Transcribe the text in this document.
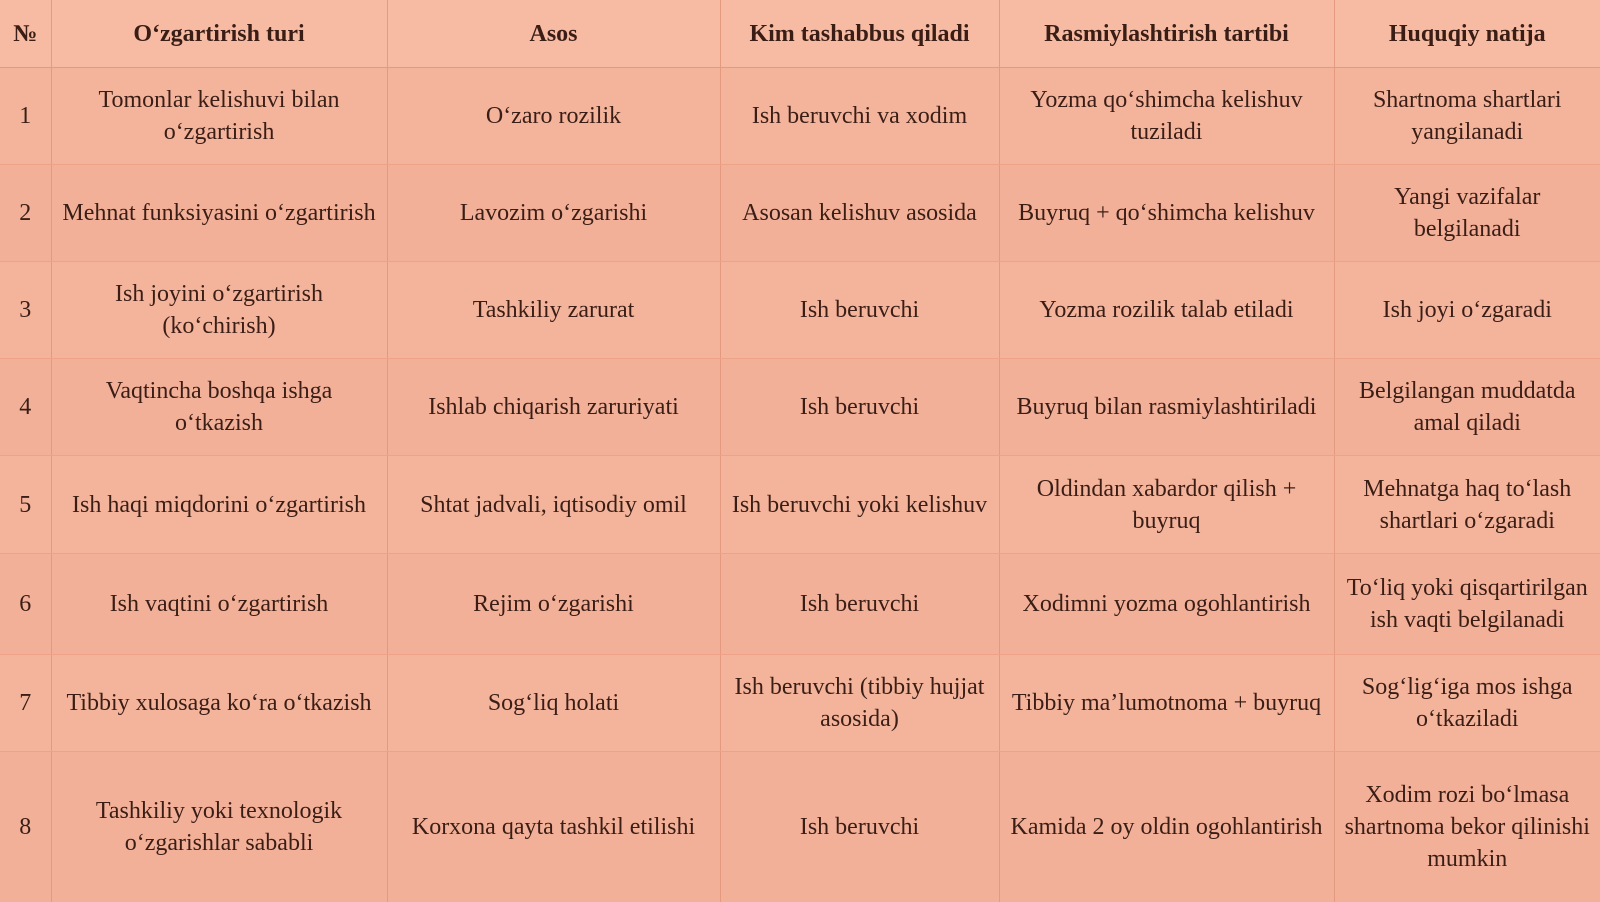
№	O‘zgartirish turi	Asos	Kim tashabbus qiladi	Rasmiylashtirish tartibi	Huquqiy natija
1	Tomonlar kelishuvi bilan o‘zgartirish	O‘zaro rozilik	Ish beruvchi va xodim	Yozma qo‘shimcha kelishuv tuziladi	Shartnoma shartlari yangilanadi
2	Mehnat funksiyasini o‘zgartirish	Lavozim o‘zgarishi	Asosan kelishuv asosida	Buyruq + qo‘shimcha kelishuv	Yangi vazifalar belgilanadi
3	Ish joyini o‘zgartirish (ko‘chirish)	Tashkiliy zarurat	Ish beruvchi	Yozma rozilik talab etiladi	Ish joyi o‘zgaradi
4	Vaqtincha boshqa ishga o‘tkazish	Ishlab chiqarish zaruriyati	Ish beruvchi	Buyruq bilan rasmiylashtiriladi	Belgilangan muddatda amal qiladi
5	Ish haqi miqdorini o‘zgartirish	Shtat jadvali, iqtisodiy omil	Ish beruvchi yoki kelishuv	Oldindan xabardor qilish + buyruq	Mehnatga haq to‘lash shartlari o‘zgaradi
6	Ish vaqtini o‘zgartirish	Rejim o‘zgarishi	Ish beruvchi	Xodimni yozma ogohlantirish	To‘liq yoki qisqartirilgan ish vaqti belgilanadi
7	Tibbiy xulosaga ko‘ra o‘tkazish	Sog‘liq holati	Ish beruvchi (tibbiy hujjat asosida)	Tibbiy ma’lumotnoma + buyruq	Sog‘lig‘iga mos ishga o‘tkaziladi
8	Tashkiliy yoki texnologik o‘zgarishlar sababli	Korxona qayta tashkil etilishi	Ish beruvchi	Kamida 2 oy oldin ogohlantirish	Xodim rozi bo‘lmasa shartnoma bekor qilinishi mumkin
